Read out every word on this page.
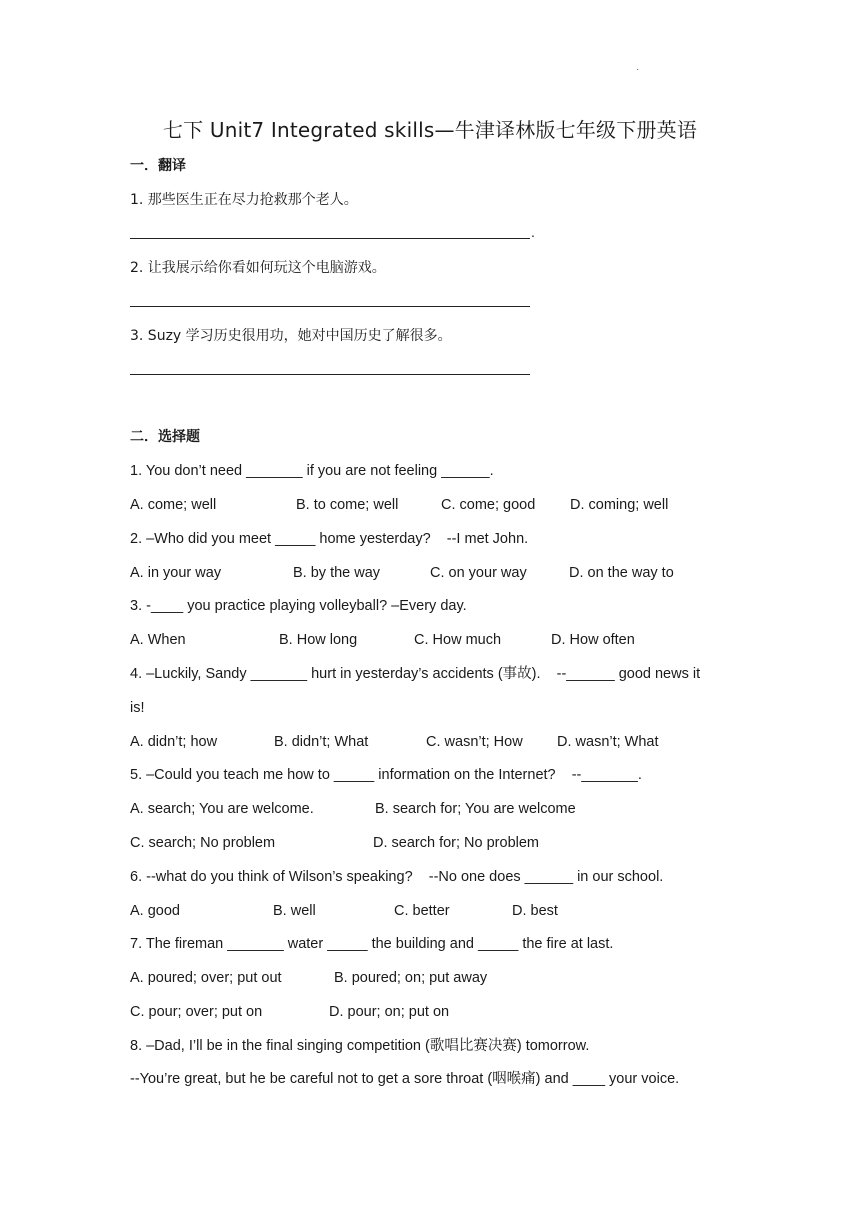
·
七下 Unit7 Integrated skills—牛津译林版七年级下册英语
一．翻译
1. 那些医生正在尽力抢救那个老人。
.
2. 让我展示给你看如何玩这个电脑游戏。
3. Suzy 学习历史很用功，她对中国历史了解很多。
二．选择题
1. You don’t need _______ if you are not feeling ______.
A. come; well	B. to come; well	C. come; good D. coming; well
2. –Who did you meet _____ home yesterday?    --I met John.
A. in your way	B. by the way	C. on your way	D. on the way to
3. -____ you practice playing volleyball? –Every day.
A. When	B. How long	C. How much	D. How often
4. –Luckily, Sandy _______ hurt in yesterday’s accidents (事故).    --______ good news it
is!
A. didn’t; how	B. didn’t; What	C. wasn’t; How D. wasn’t; What
5. –Could you teach me how to _____ information on the Internet?    --_______.
A. search; You are welcome.	B. search for; You are welcome
C. search; No problem	D. search for; No problem
6. --what do you think of Wilson’s speaking?    --No one does ______ in our school.
A. good	B. well	C. better	D. best
7. The fireman _______ water _____ the building and _____ the fire at last.
A. poured; over; put out	B. poured; on; put away
C. pour; over; put on	D. pour; on; put on
8. –Dad, I’ll be in the final singing competition (歌唱比赛决赛) tomorrow.
--You’re great, but he be careful not to get a sore throat (咽喉痛) and ____ your voice.
